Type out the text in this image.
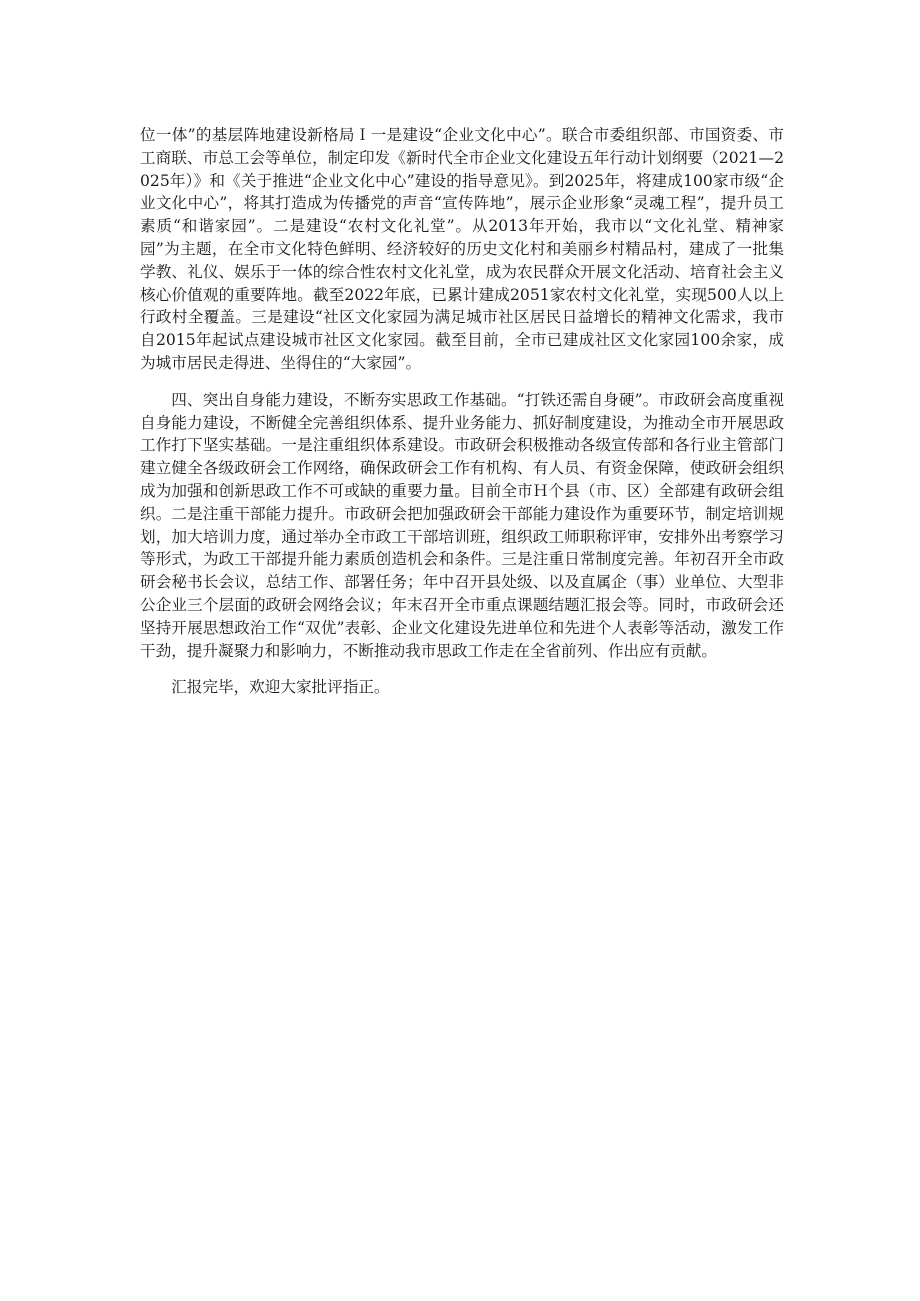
位一体”的基层阵地建设新格局Ｉ一是建设“企业文化中心”。联合市委组织部、市国资委、市工商联、市总工会等单位，制定印发《新时代全市企业文化建设五年行动计划纲要（2021—2025年）》和《关于推进“企业文化中心”建设的指导意见》。到2025年，将建成100家市级“企业文化中心”，将其打造成为传播党的声音“宣传阵地”，展示企业形象“灵魂工程”，提升员工素质“和谐家园”。二是建设“农村文化礼堂”。从2013年开始，我市以“文化礼堂、精神家园”为主题，在全市文化特色鲜明、经济较好的历史文化村和美丽乡村精品村，建成了一批集学教、礼仪、娱乐于一体的综合性农村文化礼堂，成为农民群众开展文化活动、培育社会主义核心价值观的重要阵地。截至2022年底，已累计建成2051家农村文化礼堂，实现500人以上行政村全覆盖。三是建设“社区文化家园为满足城市社区居民日益增长的精神文化需求，我市自2015年起试点建设城市社区文化家园。截至目前，全市已建成社区文化家园100余家，成为城市居民走得进、坐得住的“大家园”。

四、突出自身能力建设，不断夯实思政工作基础。“打铁还需自身硬”。市政研会高度重视自身能力建设，不断健全完善组织体系、提升业务能力、抓好制度建设，为推动全市开展思政工作打下坚实基础。一是注重组织体系建设。市政研会积极推动各级宣传部和各行业主管部门建立健全各级政研会工作网络，确保政研会工作有机构、有人员、有资金保障，使政研会组织成为加强和创新思政工作不可或缺的重要力量。目前全市Ｈ个县（市、区）全部建有政研会组织。二是注重干部能力提升。市政研会把加强政研会干部能力建设作为重要环节，制定培训规划，加大培训力度，通过举办全市政工干部培训班，组织政工师职称评审，安排外出考察学习等形式，为政工干部提升能力素质创造机会和条件。三是注重日常制度完善。年初召开全市政研会秘书长会议，总结工作、部署任务；年中召开县处级、以及直属企（事）业单位、大型非公企业三个层面的政研会网络会议；年末召开全市重点课题结题汇报会等。同时，市政研会还坚持开展思想政治工作“双优”表彰、企业文化建设先进单位和先进个人表彰等活动，激发工作干劲，提升凝聚力和影响力，不断推动我市思政工作走在全省前列、作出应有贡献。

汇报完毕，欢迎大家批评指正。
